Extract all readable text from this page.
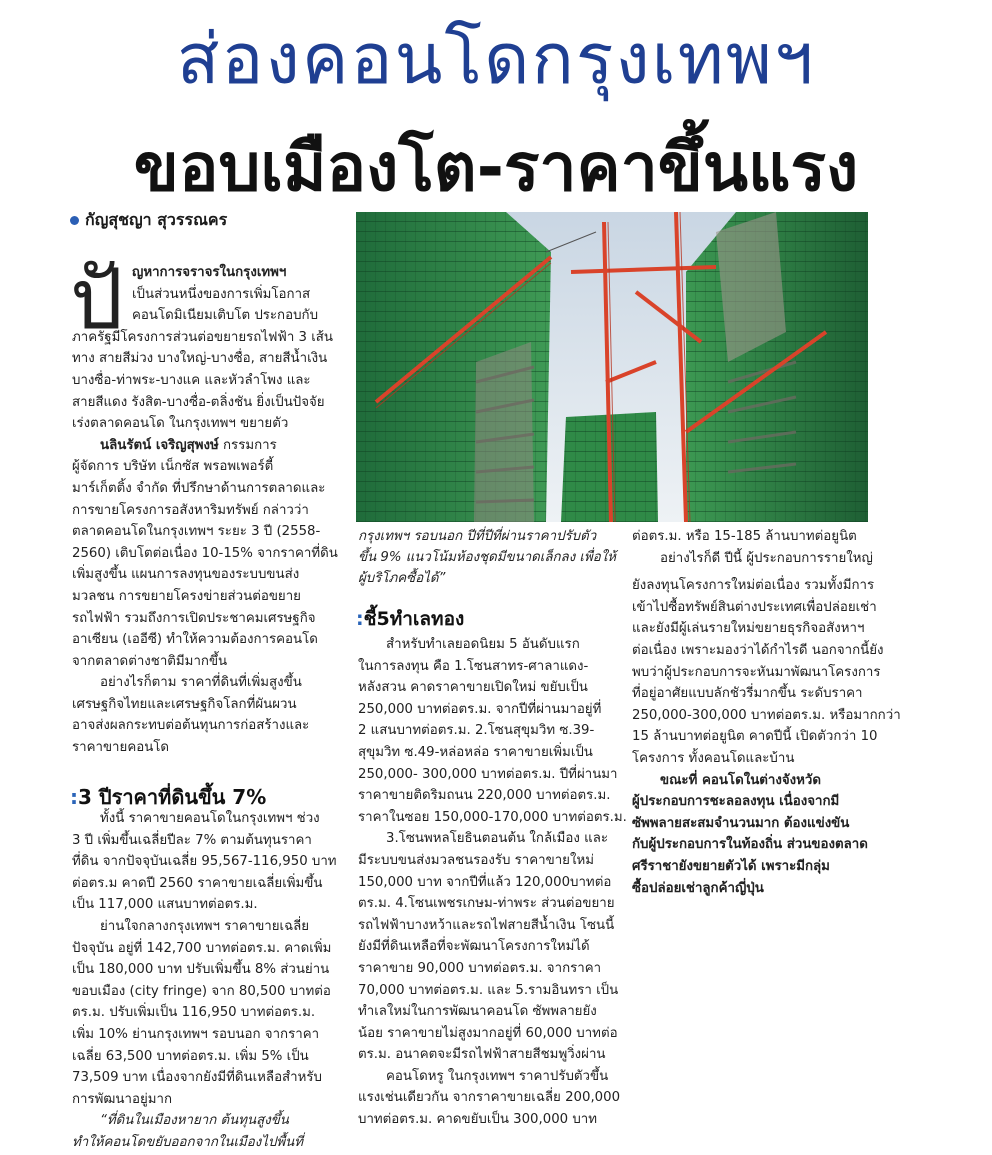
ส่องคอนโดกรุงเทพฯ
ขอบเมืองโต-ราคาขึ้นแรง
กัญสุชญา สุวรรณคร
ปั ญหาการจราจรในกรุงเทพฯ

เป็นส่วนหนึ่งของการเพิ่มโอกาส

คอนโดมิเนียมเติบโต ประกอบกับ

ภาครัฐมีโครงการส่วนต่อขยายรถไฟฟ้า 3 เส้น

ทาง สายสีม่วง บางใหญ่-บางซื่อ, สายสีน้ำเงิน

บางซื่อ-ท่าพระ-บางแค และหัวลำโพง และ

สายสีแดง รังสิต-บางซื่อ-ตลิ่งชัน ยิ่งเป็นปัจจัย

เร่งตลาดคอนโด ในกรุงเทพฯ ขยายตัว

นลินรัตน์ เจริญสุพงษ์ กรรมการ

ผู้จัดการ บริษัท เน็กซัส พรอพเพอร์ตี้

มาร์เก็ตติ้ง จำกัด ที่ปรึกษาด้านการตลาดและ

การขายโครงการอสังหาริมทรัพย์ กล่าวว่า

ตลาดคอนโดในกรุงเทพฯ ระยะ 3 ปี (2558-

2560) เติบโตต่อเนื่อง 10-15% จากราคาที่ดิน

เพิ่มสูงขึ้น แผนการลงทุนของระบบขนส่ง

มวลชน การขยายโครงข่ายส่วนต่อขยาย

รถไฟฟ้า รวมถึงการเปิดประชาคมเศรษฐกิจ

อาเซียน (เออีซี) ทำให้ความต้องการคอนโด

จากตลาดต่างชาติมีมากขึ้น

อย่างไรก็ตาม ราคาที่ดินที่เพิ่มสูงขึ้น

เศรษฐกิจไทยและเศรษฐกิจโลกที่ผันผวน

อาจส่งผลกระทบต่อต้นทุนการก่อสร้างและ

ราคาขายคอนโด

:3 ปีราคาที่ดินขึ้น 7%

ทั้งนี้ ราคาขายคอนโดในกรุงเทพฯ ช่วง

3 ปี เพิ่มขึ้นเฉลี่ยปีละ 7% ตามต้นทุนราคา

ที่ดิน จากปัจจุบันเฉลี่ย 95,567-116,950 บาท

ต่อตร.ม คาดปี 2560 ราคาขายเฉลี่ยเพิ่มขึ้น

เป็น 117,000 แสนบาทต่อตร.ม.

ย่านใจกลางกรุงเทพฯ ราคาขายเฉลี่ย

ปัจจุบัน อยู่ที่ 142,700 บาทต่อตร.ม. คาดเพิ่ม

เป็น 180,000 บาท ปรับเพิ่มขึ้น 8% ส่วนย่าน

ขอบเมือง (city fringe) จาก 80,500 บาทต่อ

ตร.ม. ปรับเพิ่มเป็น 116,950 บาทต่อตร.ม.

เพิ่ม 10% ย่านกรุงเทพฯ รอบนอก จากราคา

เฉลี่ย 63,500 บาทต่อตร.ม. เพิ่ม 5% เป็น

73,509 บาท เนื่องจากยังมีที่ดินเหลือสำหรับ

การพัฒนาอยู่มาก

“ที่ดินในเมืองหายาก ต้นทุนสูงขึ้น

ทำให้คอนโดขยับออกจากในเมืองไปพื้นที่

กรุงเทพฯ รอบนอก ปีที่ปีที่ผ่านราคาปรับตัว
ขึ้น 9% แนวโน้มห้องชุดมีขนาดเล็กลง เพื่อให้
ผู้บริโภคซื้อได้”
:ชี้5ทำเลทอง

สำหรับทำเลยอดนิยม 5 อันดับแรก

ในการลงทุน คือ 1.โซนสาทร-ศาลาแดง-

หลังสวน คาดราคาขายเปิดใหม่ ขยับเป็น

250,000 บาทต่อตร.ม. จากปีที่ผ่านมาอยู่ที่

2 แสนบาทต่อตร.ม. 2.โซนสุขุมวิท ซ.39-

สุขุมวิท ซ.49-หล่อหล่อ ราคาขายเพิ่มเป็น

250,000- 300,000 บาทต่อตร.ม. ปีที่ผ่านมา

ราคาขายติดริมถนน 220,000 บาทต่อตร.ม.

ราคาในซอย 150,000-170,000 บาทต่อตร.ม.

3.โซนพหลโยธินตอนต้น ใกล้เมือง และ

มีระบบขนส่งมวลชนรองรับ ราคาขายใหม่

150,000 บาท จากปีที่แล้ว 120,000บาทต่อ

ตร.ม. 4.โซนเพชรเกษม-ท่าพระ ส่วนต่อขยาย

รถไฟฟ้าบางหว้าและรถไฟสายสีน้ำเงิน โซนนี้

ยังมีที่ดินเหลือที่จะพัฒนาโครงการใหม่ได้

ราคาขาย 90,000 บาทต่อตร.ม. จากราคา

70,000 บาทต่อตร.ม. และ 5.รามอินทรา เป็น

ทำเลใหม่ในการพัฒนาคอนโด ซัพพลายยัง

น้อย ราคาขายไม่สูงมากอยู่ที่ 60,000 บาทต่อ

ตร.ม. อนาคตจะมีรถไฟฟ้าสายสีชมพูวิ่งผ่าน

คอนโดหรู ในกรุงเทพฯ ราคาปรับตัวขึ้น

แรงเช่นเดียวกัน จากราคาขายเฉลี่ย 200,000

บาทต่อตร.ม. คาดขยับเป็น 300,000 บาท

ต่อตร.ม. หรือ 15-185 ล้านบาทต่อยูนิต

อย่างไรก็ดี ปีนี้ ผู้ประกอบการรายใหญ่

ยังลงทุนโครงการใหม่ต่อเนื่อง รวมทั้งมีการ

เข้าไปซื้อทรัพย์สินต่างประเทศเพื่อปล่อยเช่า

และยังมีผู้เล่นรายใหม่ขยายธุรกิจอสังหาฯ

ต่อเนื่อง เพราะมองว่าได้กำไรดี นอกจากนี้ยัง

พบว่าผู้ประกอบการจะหันมาพัฒนาโครงการ

ที่อยู่อาศัยแบบลักชัวรี่มากขึ้น ระดับราคา

250,000-300,000 บาทต่อตร.ม. หรือมากกว่า

15 ล้านบาทต่อยูนิต คาดปีนี้ เปิดตัวกว่า 10

โครงการ ทั้งคอนโดและบ้าน

ขณะที่ คอนโดในต่างจังหวัด

ผู้ประกอบการชะลอลงทุน เนื่องจากมี

ซัพพลายสะสมจำนวนมาก ต้องแข่งขัน

กับผู้ประกอบการในท้องถิ่น ส่วนของตลาด

ศรีราชายังขยายตัวได้ เพราะมีกลุ่ม

ซื้อปล่อยเช่าลูกค้าญี่ปุ่น
